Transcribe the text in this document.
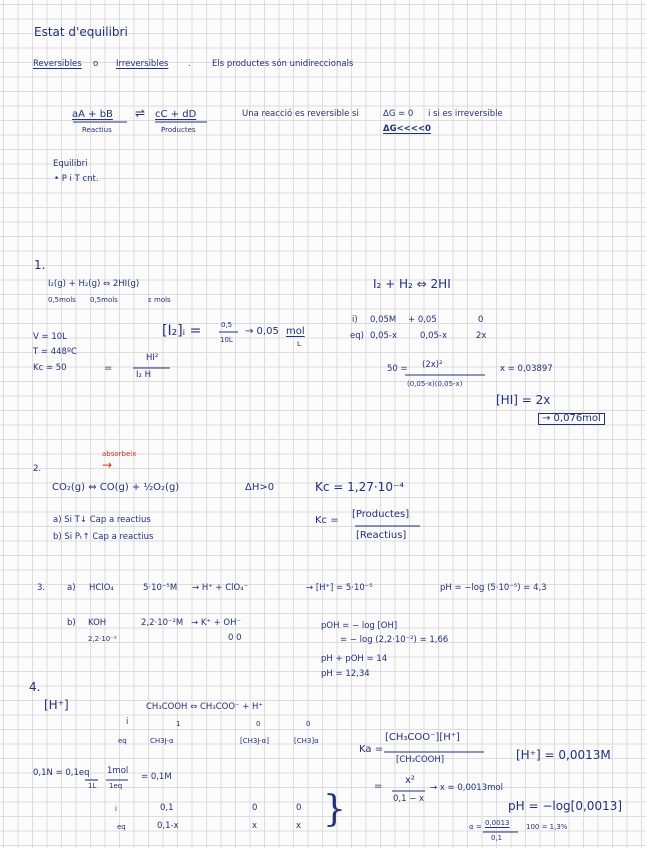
Estat d'equilibri
Reversibles o Irreversibles .	Els productes són unidireccionals
aA + bB ⇌ cC + dD
Reactius	Productes
Una reacció es reversible si	ΔG = 0 i si es irreversible
ΔG<<<<0
Equilibri
• P i T cnt.
1.
I₂(g) + H₂(g) ⇔ 2HI(g)
0,5mols 0,5mols	ε mols
V = 10L
T = 448ºC
Kc = 50	=
HI²
I₂ H
[I₂]ᵢ =	0,5
10L
→ 0,05 mol
L
I₂ + H₂ ⇔ 2HI
i) 0,05M + 0,05	0
eq) 0,05-x	0,05-x	2x
50 = (2x)²
(0,05-x)(0,05-x)
x = 0,03897
[HI] = 2x
→ 0,076mol
2.
absorbeix
→
CO₂(g) ⇔ CO(g) + ½O₂(g)	ΔH>0	Kc = 1,27·10⁻⁴
a) Si T↓ Cap a reactius
b) Si Pₜ↑ Cap a reactius
Kc =
[Productes]
[Reactius]
3.	a) HClO₄	5·10⁻⁵M → H⁺ + ClO₄⁻	→ [H⁺] = 5·10⁻⁵	pH = −log (5·10⁻⁵) = 4,3
b) KOH
2,2·10⁻²
2,2·10⁻²M → K⁺ + OH⁻
0 0
pOH = − log [OH]
= − log (2,2·10⁻²) = 1,66
pH + pOH = 14
pH = 12,34
4.
[H⁺]	CH₃COOH ⇔ CH₃COO⁻ + H⁺
i	1	0	0
eq	CH3J-α	[CH3J-α]	[CH3]α
Ka =
[CH₃COO⁻][H⁺]
[CH₃COOH]	[H⁺] = 0,0013M
0,1N = 0,1eq
1L
1mol
1eq
= 0,1M
=
x²
0,1 − x
→ x = 0,0013mol
i	0,1	0	0
eq	0,1-x	x	x }	pH = −log[0,0013]
α = 0,0013
0,1
100 = 1,3%
